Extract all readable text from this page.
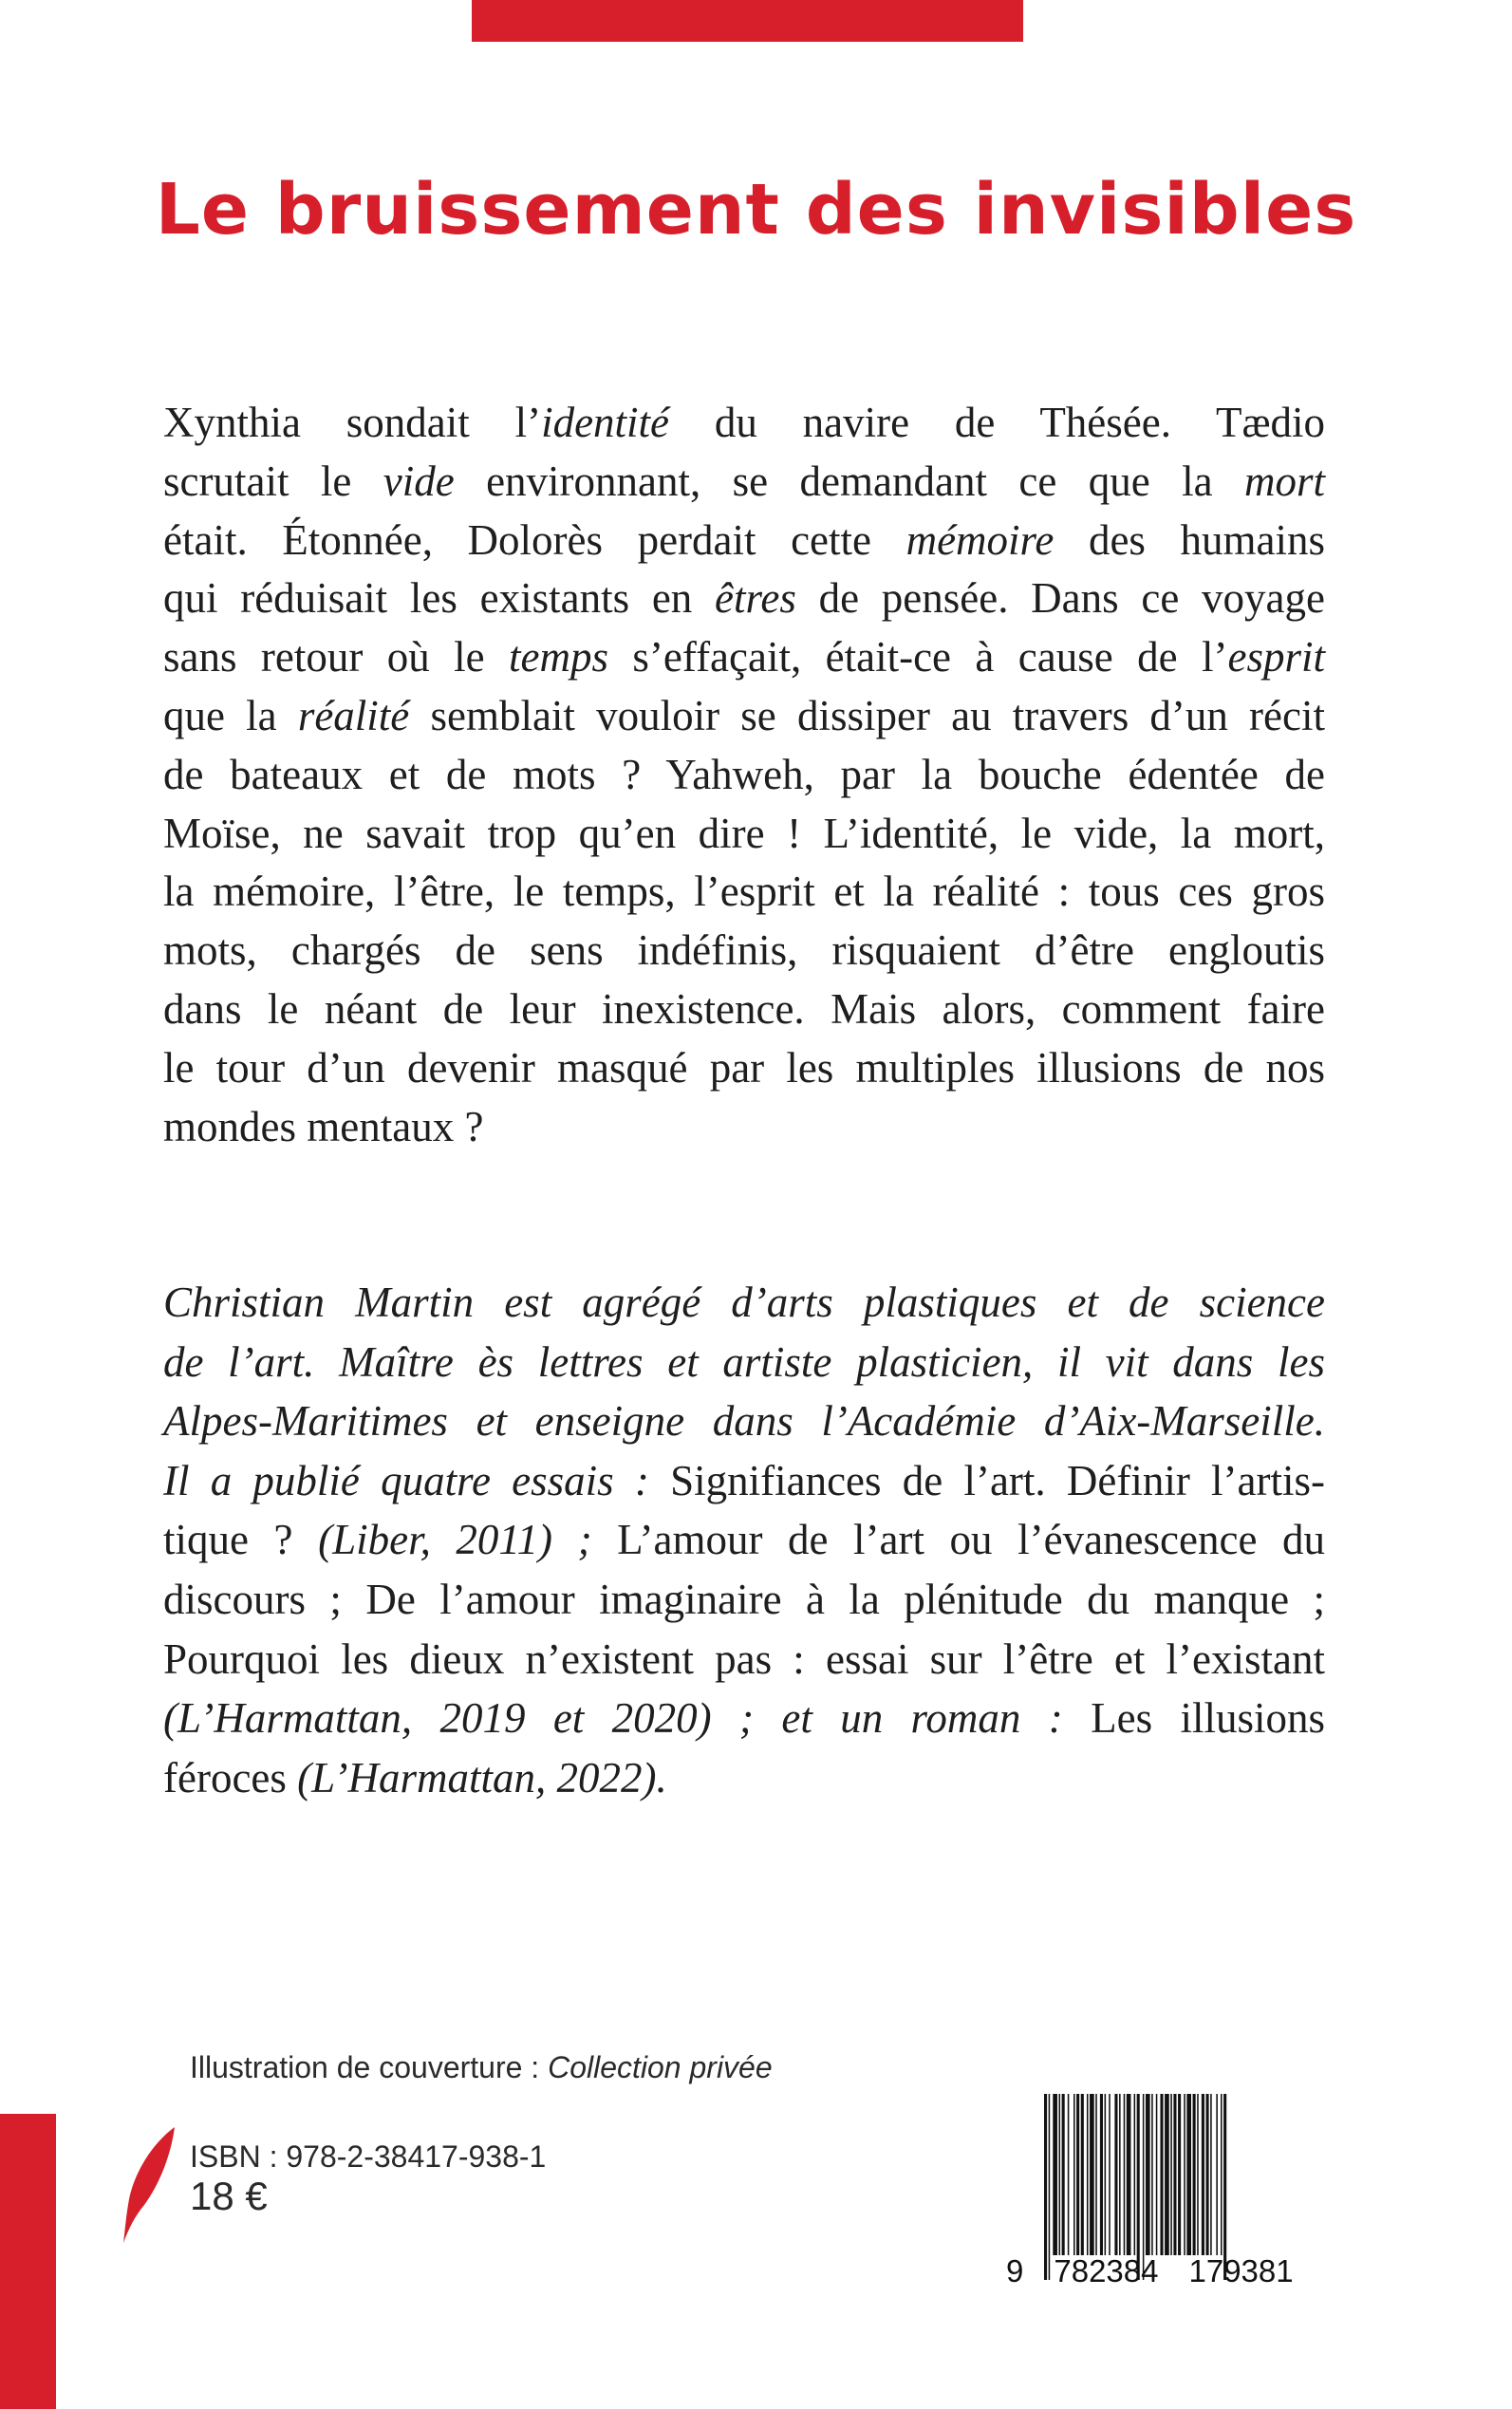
Le bruissement des invisibles
Xynthia sondait l’identité du navire de Thésée. Tædio
scrutait le vide environnant, se demandant ce que la mort
était. Étonnée, Dolorès perdait cette mémoire des humains
qui réduisait les existants en êtres de pensée. Dans ce voyage
sans retour où le temps s’effaçait, était-ce à cause de l’esprit
que la réalité semblait vouloir se dissiper au travers d’un récit
de bateaux et de mots ? Yahweh, par la bouche édentée de
Moïse, ne savait trop qu’en dire ! L’identité, le vide, la mort,
la mémoire, l’être, le temps, l’esprit et la réalité : tous ces gros
mots, chargés de sens indéfinis, risquaient d’être engloutis
dans le néant de leur inexistence. Mais alors, comment faire
le tour d’un devenir masqué par les multiples illusions de nos
mondes mentaux ?
Christian Martin est agrégé d’arts plastiques et de science
de l’art. Maître ès lettres et artiste plasticien, il vit dans les
Alpes-Maritimes et enseigne dans l’Académie d’Aix-Marseille.
Il a publié quatre essais : Signifiances de l’art. Définir l’artis-
tique ? (Liber, 2011) ; L’amour de l’art ou l’évanescence du
discours ; De l’amour imaginaire à la plénitude du manque ;
Pourquoi les dieux n’existent pas : essai sur l’être et l’existant
(L’Harmattan, 2019 et 2020) ; et un roman : Les illusions
féroces (L’Harmattan, 2022).
Illustration de couverture : Collection privée
ISBN : 978-2-38417-938-1
18 €
9 782384 179381
